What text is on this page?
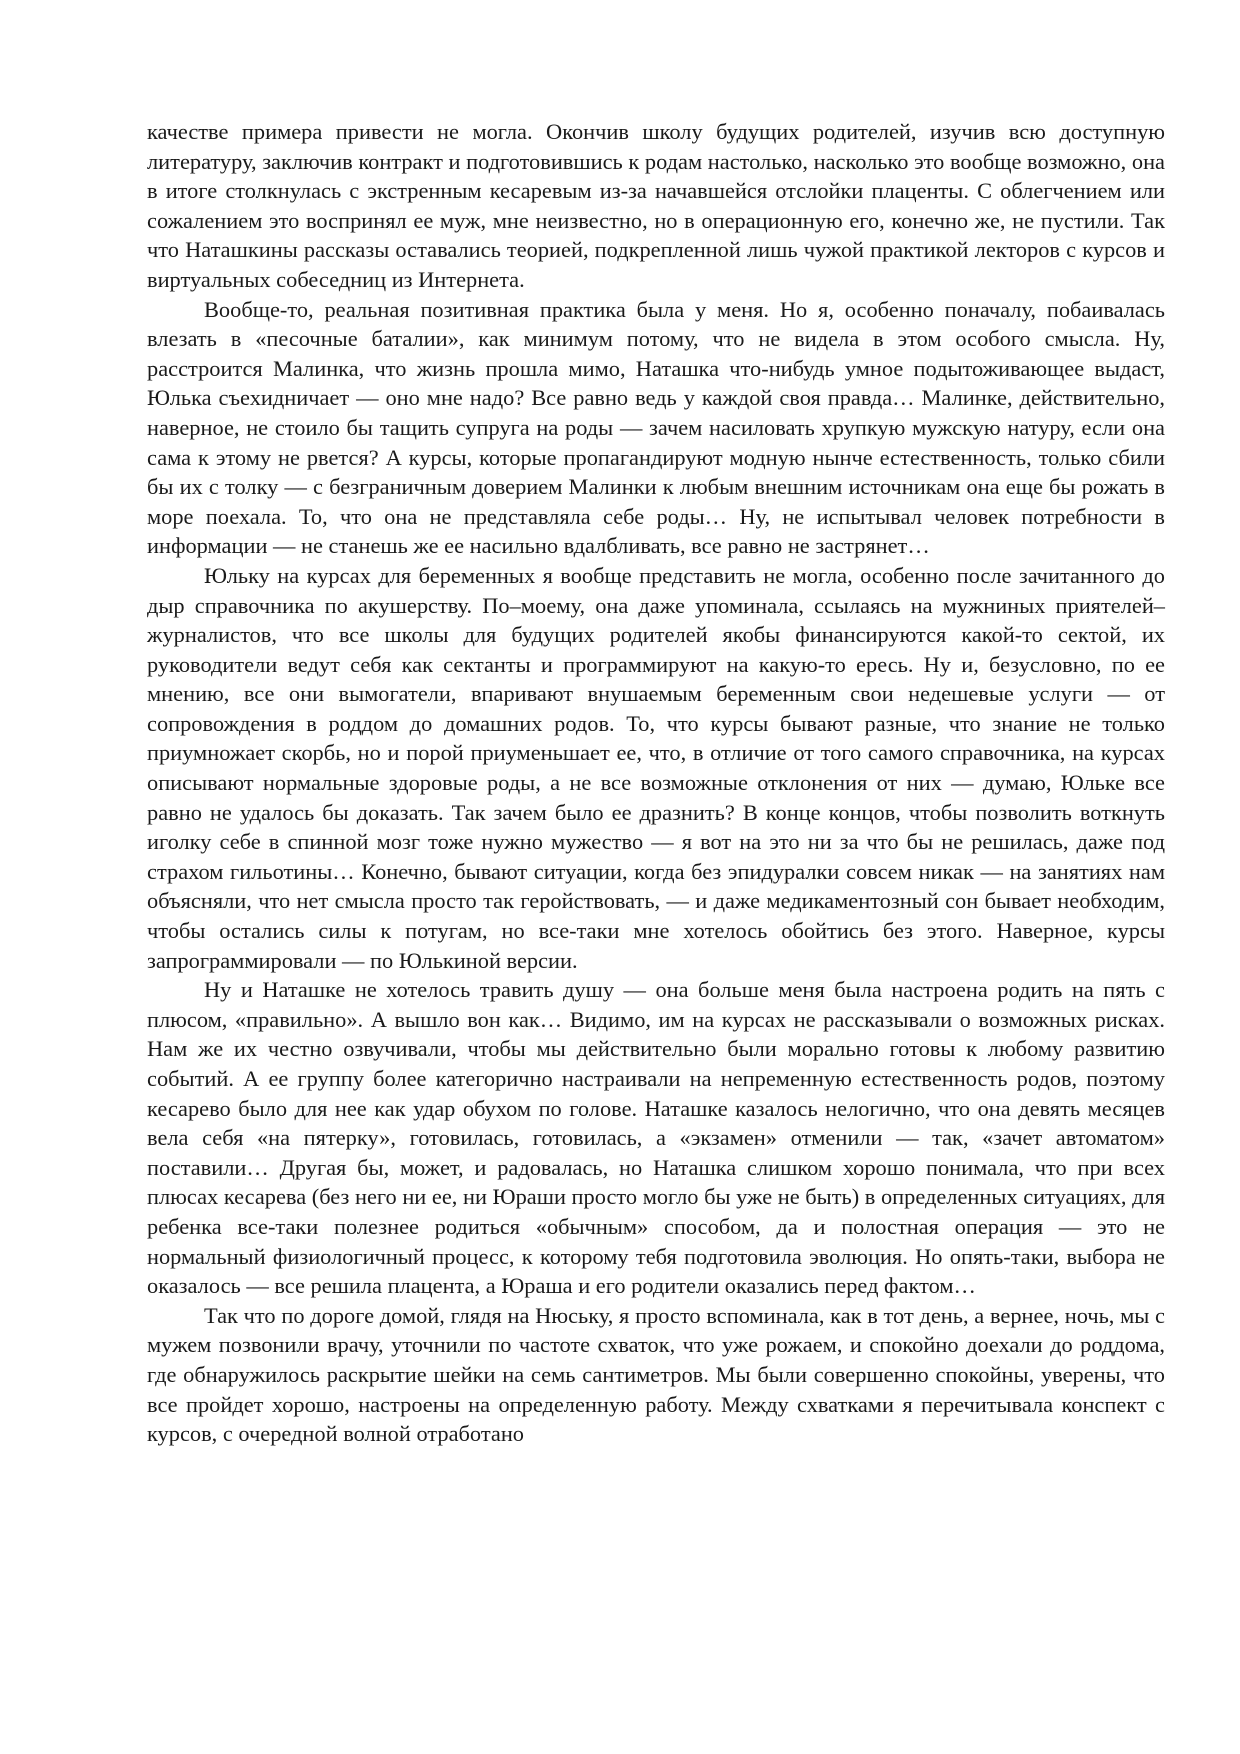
качестве примера привести не могла. Окончив школу будущих родителей, изучив всю доступную литературу, заключив контракт и подготовившись к родам настолько, насколько это вообще возможно, она в итоге столкнулась с экстренным кесаревым из-за начавшейся отслойки плаценты. С облегчением или сожалением это воспринял ее муж, мне неизвестно, но в операционную его, конечно же, не пустили. Так что Наташкины рассказы оставались теорией, подкрепленной лишь чужой практикой лекторов с курсов и виртуальных собеседниц из Интернета.

Вообще-то, реальная позитивная практика была у меня. Но я, особенно поначалу, побаивалась влезать в «песочные баталии», как минимум потому, что не видела в этом особого смысла. Ну, расстроится Малинка, что жизнь прошла мимо, Наташка что-нибудь умное подытоживающее выдаст, Юлька съехидничает — оно мне надо? Все равно ведь у каждой своя правда… Малинке, действительно, наверное, не стоило бы тащить супруга на роды — зачем насиловать хрупкую мужскую натуру, если она сама к этому не рвется? А курсы, которые пропагандируют модную нынче естественность, только сбили бы их с толку — с безграничным доверием Малинки к любым внешним источникам она еще бы рожать в море поехала. То, что она не представляла себе роды… Ну, не испытывал человек потребности в информации — не станешь же ее насильно вдалбливать, все равно не застрянет…

Юльку на курсах для беременных я вообще представить не могла, особенно после зачитанного до дыр справочника по акушерству. По–моему, она даже упоминала, ссылаясь на мужниных приятелей–журналистов, что все школы для будущих родителей якобы финансируются какой-то сектой, их руководители ведут себя как сектанты и программируют на какую-то ересь. Ну и, безусловно, по ее мнению, все они вымогатели, впаривают внушаемым беременным свои недешевые услуги — от сопровождения в роддом до домашних родов. То, что курсы бывают разные, что знание не только приумножает скорбь, но и порой приуменьшает ее, что, в отличие от того самого справочника, на курсах описывают нормальные здоровые роды, а не все возможные отклонения от них — думаю, Юльке все равно не удалось бы доказать. Так зачем было ее дразнить? В конце концов, чтобы позволить воткнуть иголку себе в спинной мозг тоже нужно мужество — я вот на это ни за что бы не решилась, даже под страхом гильотины… Конечно, бывают ситуации, когда без эпидуралки совсем никак — на занятиях нам объясняли, что нет смысла просто так геройствовать, — и даже медикаментозный сон бывает необходим, чтобы остались силы к потугам, но все-таки мне хотелось обойтись без этого. Наверное, курсы запрограммировали — по Юлькиной версии.

Ну и Наташке не хотелось травить душу — она больше меня была настроена родить на пять с плюсом, «правильно». А вышло вон как… Видимо, им на курсах не рассказывали о возможных рисках. Нам же их честно озвучивали, чтобы мы действительно были морально готовы к любому развитию событий. А ее группу более категорично настраивали на непременную естественность родов, поэтому кесарево было для нее как удар обухом по голове. Наташке казалось нелогично, что она девять месяцев вела себя «на пятерку», готовилась, готовилась, а «экзамен» отменили — так, «зачет автоматом» поставили… Другая бы, может, и радовалась, но Наташка слишком хорошо понимала, что при всех плюсах кесарева (без него ни ее, ни Юраши просто могло бы уже не быть) в определенных ситуациях, для ребенка все-таки полезнее родиться «обычным» способом, да и полостная операция — это не нормальный физиологичный процесс, к которому тебя подготовила эволюция. Но опять-таки, выбора не оказалось — все решила плацента, а Юраша и его родители оказались перед фактом…

Так что по дороге домой, глядя на Нюську, я просто вспоминала, как в тот день, а вернее, ночь, мы с мужем позвонили врачу, уточнили по частоте схваток, что уже рожаем, и спокойно доехали до роддома, где обнаружилось раскрытие шейки на семь сантиметров. Мы были совершенно спокойны, уверены, что все пройдет хорошо, настроены на определенную работу. Между схватками я перечитывала конспект с курсов, с очередной волной отработано
